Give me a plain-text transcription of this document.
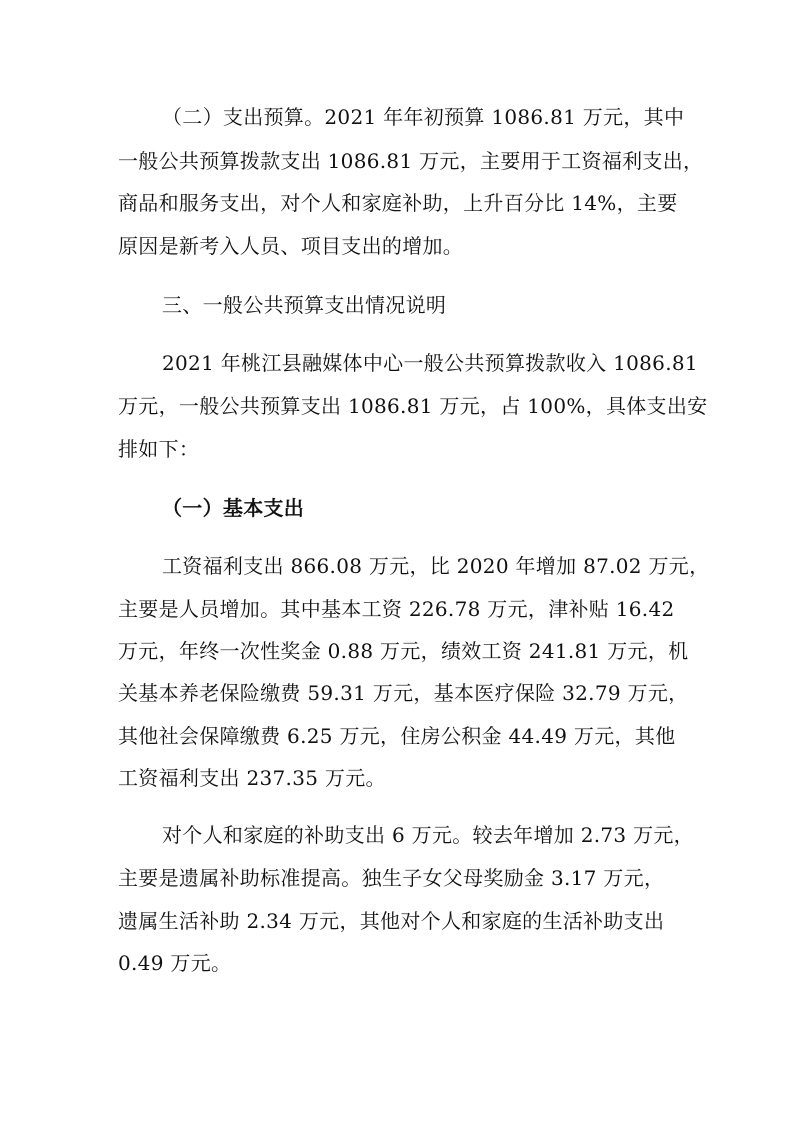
（二）支出预算。2021 年年初预算 1086.81 万元，其中
一般公共预算拨款支出 1086.81 万元，主要用于工资福利支出，
商品和服务支出，对个人和家庭补助，上升百分比 14%，主要
原因是新考入人员、项目支出的增加。
三、一般公共预算支出情况说明
2021 年桃江县融媒体中心一般公共预算拨款收入 1086.81
万元，一般公共预算支出 1086.81 万元，占 100%，具体支出安
排如下：
（一）基本支出
工资福利支出 866.08 万元，比 2020 年增加 87.02 万元，
主要是人员增加。其中基本工资 226.78 万元，津补贴 16.42
万元，年终一次性奖金 0.88 万元，绩效工资 241.81 万元，机
关基本养老保险缴费 59.31 万元，基本医疗保险 32.79 万元，
其他社会保障缴费 6.25 万元，住房公积金 44.49 万元，其他
工资福利支出 237.35 万元。
对个人和家庭的补助支出 6 万元。较去年增加 2.73 万元，
主要是遗属补助标准提高。独生子女父母奖励金 3.17 万元，
遗属生活补助 2.34 万元，其他对个人和家庭的生活补助支出
0.49 万元。
